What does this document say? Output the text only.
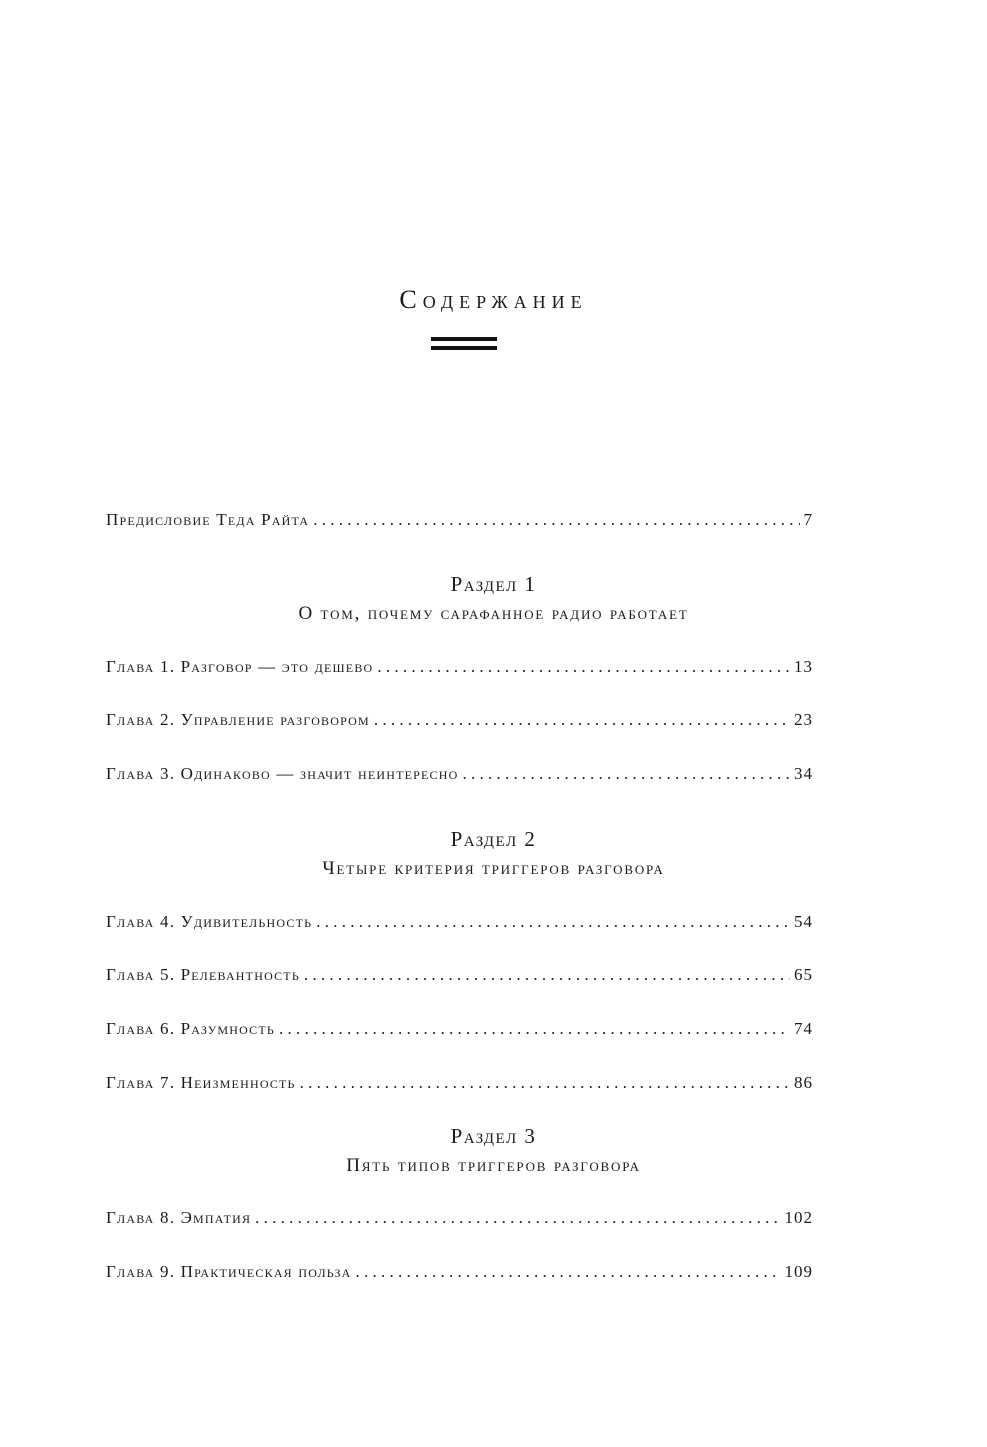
Содержание
Предисловие Теда Райта . . .	7
Раздел 1
О том, почему сарафанное радио работает
Глава 1. Разговор — это дешево . . .	13
Глава 2. Управление разговором . . .	23
Глава 3. Одинаково — значит неинтересно . . .	34
Раздел 2
Четыре критерия триггеров разговора
Глава 4. Удивительность . . .	54
Глава 5. Релевантность . . .	65
Глава 6. Разумность . . .	74
Глава 7. Неизменность . . .	86
Раздел 3
Пять типов триггеров разговора
Глава 8. Эмпатия . . .	102
Глава 9. Практическая польза . . .	109
